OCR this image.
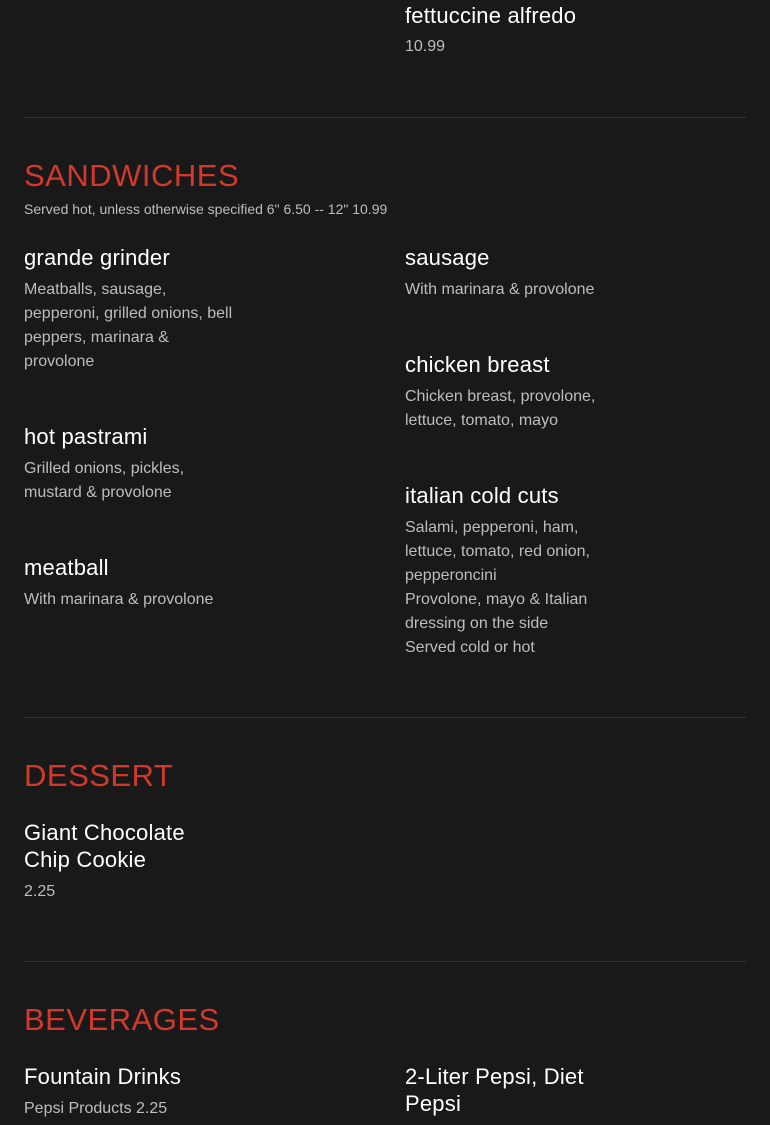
fettuccine alfredo
10.99
SANDWICHES
Served hot, unless otherwise specified 6" 6.50 -- 12" 10.99
grande grinder
Meatballs, sausage,
pepperoni, grilled onions, bell
peppers, marinara &
provolone
hot pastrami
Grilled onions, pickles,
mustard & provolone
meatball
With marinara & provolone
sausage
With marinara & provolone
chicken breast
Chicken breast, provolone,
lettuce, tomato, mayo
italian cold cuts
Salami, pepperoni, ham,
lettuce, tomato, red onion,
pepperoncini
Provolone, mayo & Italian
dressing on the side
Served cold or hot
DESSERT
Giant Chocolate
Chip Cookie
2.25
BEVERAGES
Fountain Drinks
Pepsi Products 2.25
2-Liter Pepsi, Diet
Pepsi
